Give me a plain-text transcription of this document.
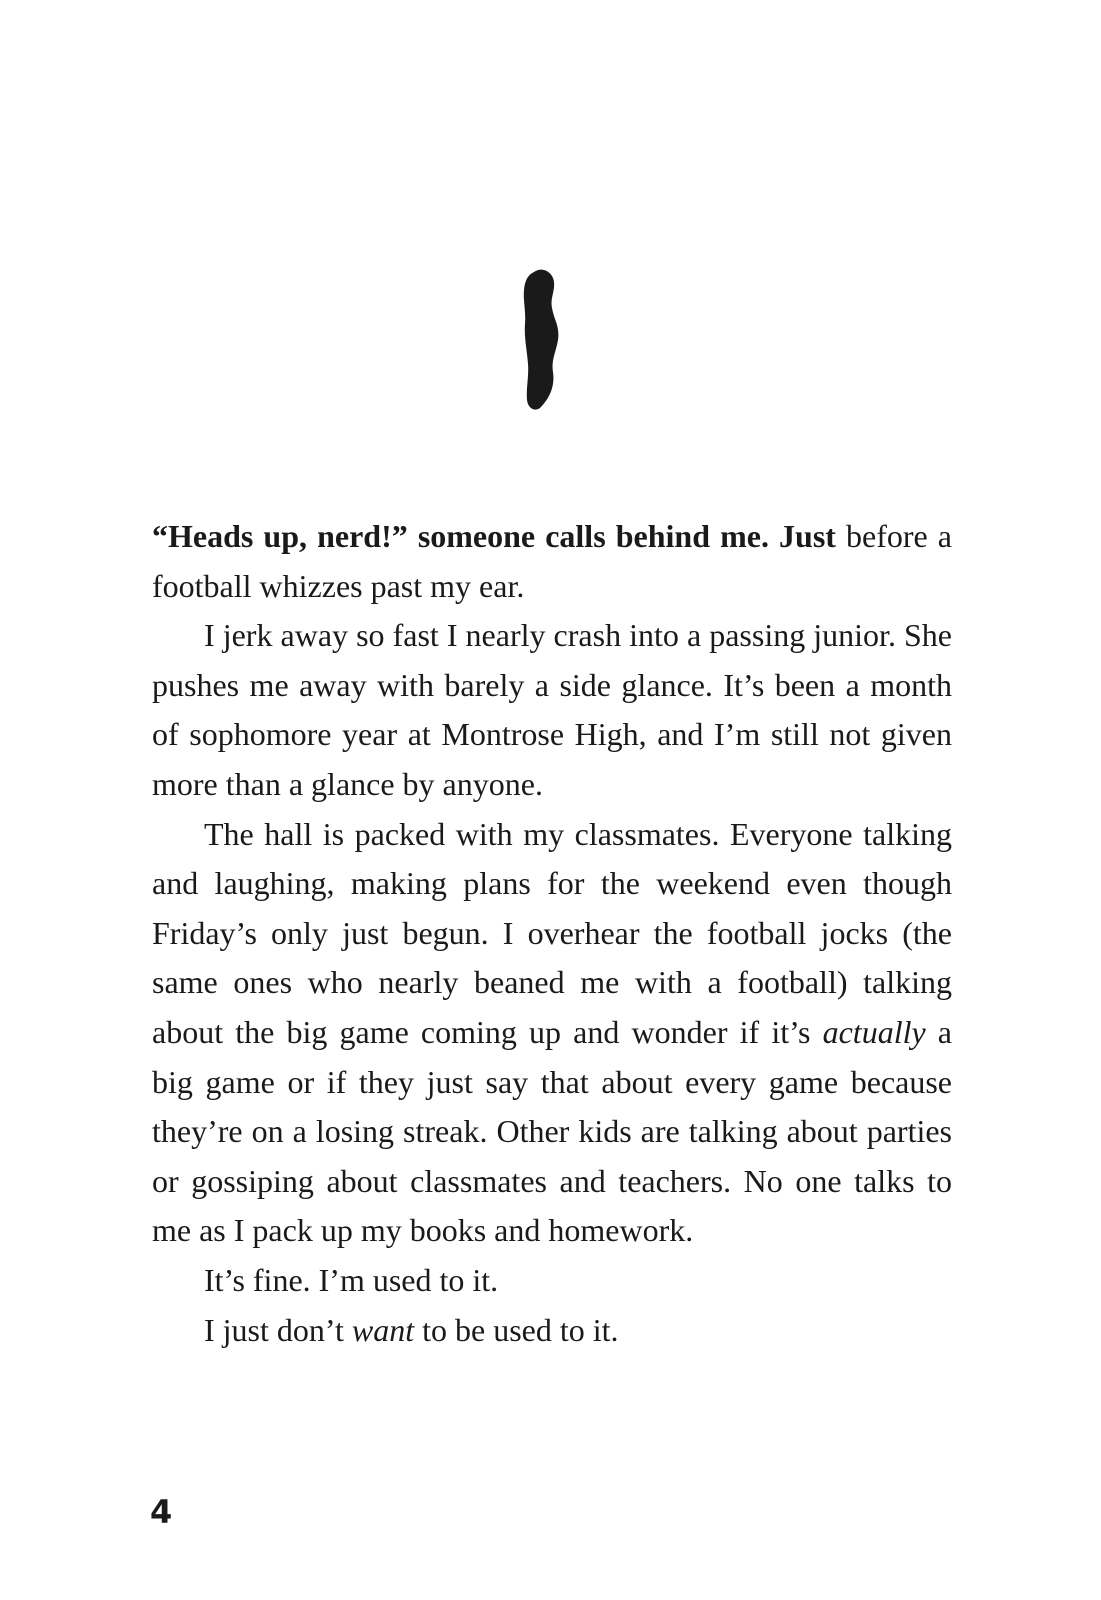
“Heads up, nerd!” someone calls behind me. Just before a football whizzes past my ear.

I jerk away so fast I nearly crash into a passing junior. She pushes me away with barely a side glance. It’s been a month of sophomore year at Montrose High, and I’m still not given more than a glance by anyone.

The hall is packed with my classmates. Everyone talking and laughing, making plans for the weekend even though Friday’s only just begun. I overhear the football jocks (the same ones who nearly beaned me with a football) talking about the big game coming up and wonder if it’s actually a big game or if they just say that about every game because they’re on a losing streak. Other kids are talking about parties or gossiping about classmates and teachers. No one talks to me as I pack up my books and homework.

It’s fine. I’m used to it.

I just don’t want to be used to it.

4
